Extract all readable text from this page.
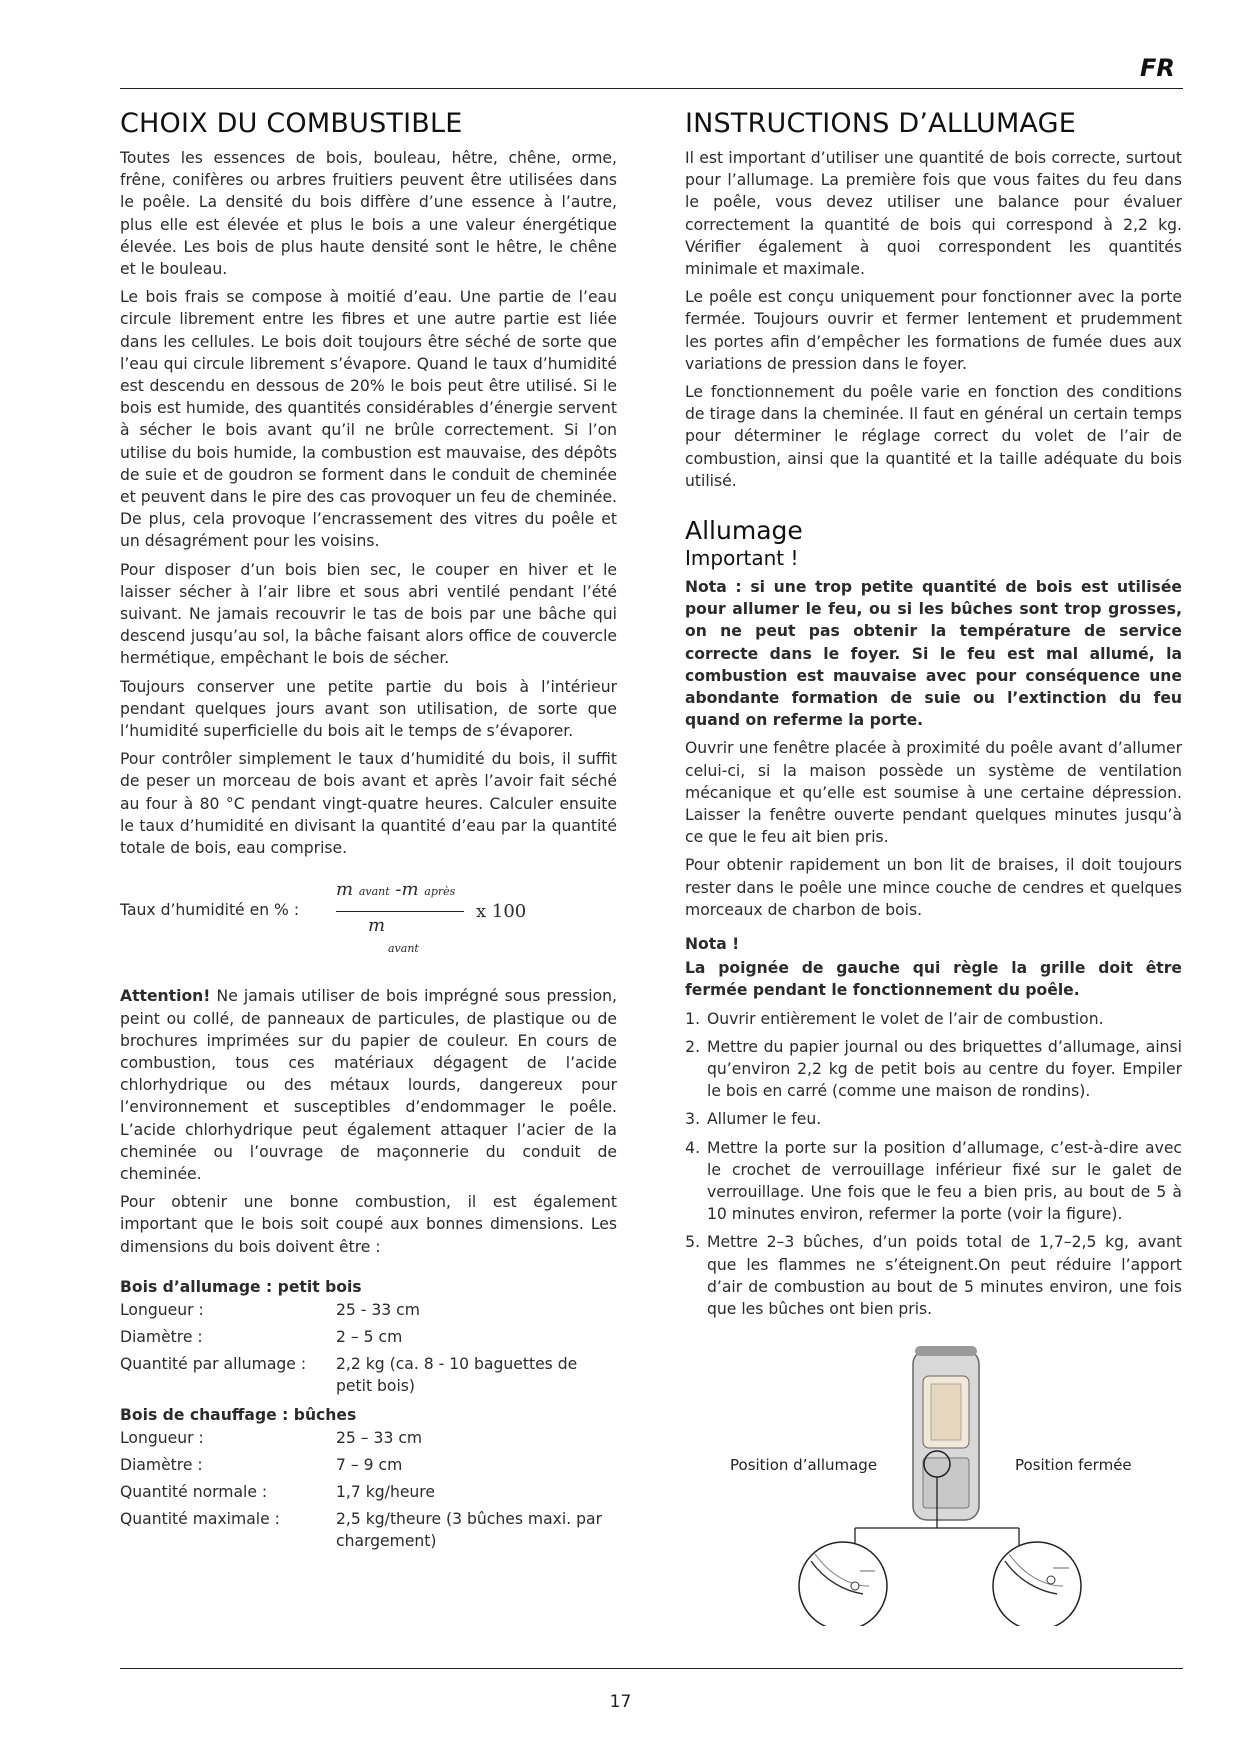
FR
CHOIX DU COMBUSTIBLE

Toutes les essences de bois, bouleau, hêtre, chêne, orme, frêne, conifères ou arbres fruitiers peuvent être utilisées dans le poêle. La densité du bois diffère d’une essence à l’autre, plus elle est élevée et plus le bois a une valeur énergétique élevée. Les bois de plus haute densité sont le hêtre, le chêne et le bouleau.

Le bois frais se compose à moitié d’eau. Une partie de l’eau circule librement entre les fibres et une autre partie est liée dans les cellules. Le bois doit toujours être séché de sorte que l’eau qui circule librement s’évapore. Quand le taux d’humidité est descendu en dessous de 20% le bois peut être utilisé. Si le bois est humide, des quantités considérables d’énergie servent à sécher le bois avant qu’il ne brûle correctement. Si l’on utilise du bois humide, la combustion est mauvaise, des dépôts de suie et de goudron se forment dans le conduit de cheminée et peuvent dans le pire des cas provoquer un feu de cheminée. De plus, cela provoque l’encrassement des vitres du poêle et un désagrément pour les voisins.

Pour disposer d’un bois bien sec, le couper en hiver et le laisser sécher à l’air libre et sous abri ventilé pendant l’été suivant. Ne jamais recouvrir le tas de bois par une bâche qui descend jusqu’au sol, la bâche faisant alors office de couvercle hermétique, empêchant le bois de sécher.

Toujours conserver une petite partie du bois à l’intérieur pendant quelques jours avant son utilisation, de sorte que l’humidité superficielle du bois ait le temps de s’évaporer.

Pour contrôler simplement le taux d’humidité du bois, il suffit de peser un morceau de bois avant et après l’avoir fait séché au four à 80 °C pendant vingt-quatre heures. Calculer ensuite le taux d’humidité en divisant la quantité d’eau par la quantité totale de bois, eau comprise.

Taux d’humidité en % :
m avant -m après
m
avant
x 100

Attention! Ne jamais utiliser de bois imprégné sous pression, peint ou collé, de panneaux de particules, de plastique ou de brochures imprimées sur du papier de couleur. En cours de combustion, tous ces matériaux dégagent de l’acide chlorhydrique ou des métaux lourds, dangereux pour l’environnement et susceptibles d’endommager le poêle. L’acide chlorhydrique peut également attaquer l’acier de la cheminée ou l’ouvrage de maçonnerie du conduit de cheminée.

Pour obtenir une bonne combustion, il est également important que le bois soit coupé aux bonnes dimensions. Les dimensions du bois doivent être :

Bois d’allumage : petit bois
Longueur :	25 - 33 cm
Diamètre :	2 – 5 cm
Quantité par allumage :	2,2 kg (ca. 8 - 10 baguettes de petit bois)
Bois de chauffage : bûches
Longueur :	25 – 33 cm
Diamètre :	7 – 9 cm
Quantité normale :	1,7 kg/heure
Quantité maximale :	2,5 kg/theure (3 bûches maxi. par chargement)
INSTRUCTIONS D’ALLUMAGE

Il est important d’utiliser une quantité de bois correcte, surtout pour l’allumage. La première fois que vous faites du feu dans le poêle, vous devez utiliser une balance pour évaluer correctement la quantité de bois qui correspond à 2,2 kg. Vérifier également à quoi correspondent les quantités minimale et maximale.

Le poêle est conçu uniquement pour fonctionner avec la porte fermée. Toujours ouvrir et fermer lentement et prudemment les portes afin d’empêcher les formations de fumée dues aux variations de pression dans le foyer.

Le fonctionnement du poêle varie en fonction des conditions de tirage dans la cheminée. Il faut en général un certain temps pour déterminer le réglage correct du volet de l’air de combustion, ainsi que la quantité et la taille adéquate du bois utilisé.

Allumage
Important !

Nota : si une trop petite quantité de bois est utilisée pour allumer le feu, ou si les bûches sont trop grosses, on ne peut pas obtenir la température de service correcte dans le foyer. Si le feu est mal allumé, la combustion est mauvaise avec pour conséquence une abondante formation de suie ou l’extinction du feu quand on referme la porte.

Ouvrir une fenêtre placée à proximité du poêle avant d’allumer celui-ci, si la maison possède un système de ventilation mécanique et qu’elle est soumise à une certaine dépression. Laisser la fenêtre ouverte pendant quelques minutes jusqu’à ce que le feu ait bien pris.

Pour obtenir rapidement un bon lit de braises, il doit toujours rester dans le poêle une mince couche de cendres et quelques morceaux de charbon de bois.

Nota !

La poignée de gauche qui règle la grille doit être fermée pendant le fonctionnement du poêle.

1. Ouvrir entièrement le volet de l’air de combustion.
2. Mettre du papier journal ou des briquettes d’allumage, ainsi qu’environ 2,2 kg de petit bois au centre du foyer. Empiler le bois en carré (comme une maison de rondins).
3. Allumer le feu.
4. Mettre la porte sur la position d’allumage, c’est-à-dire avec le crochet de verrouillage inférieur fixé sur le galet de verrouillage. Une fois que le feu a bien pris, au bout de 5 à 10 minutes environ, refermer la porte (voir la figure).
5. Mettre 2–3 bûches, d’un poids total de 1,7–2,5 kg, avant que les flammes ne s’éteignent.On peut réduire l’apport d’air de combustion au bout de 5 minutes environ, une fois que les bûches ont bien pris.
Position d’allumage	Position fermée
17
